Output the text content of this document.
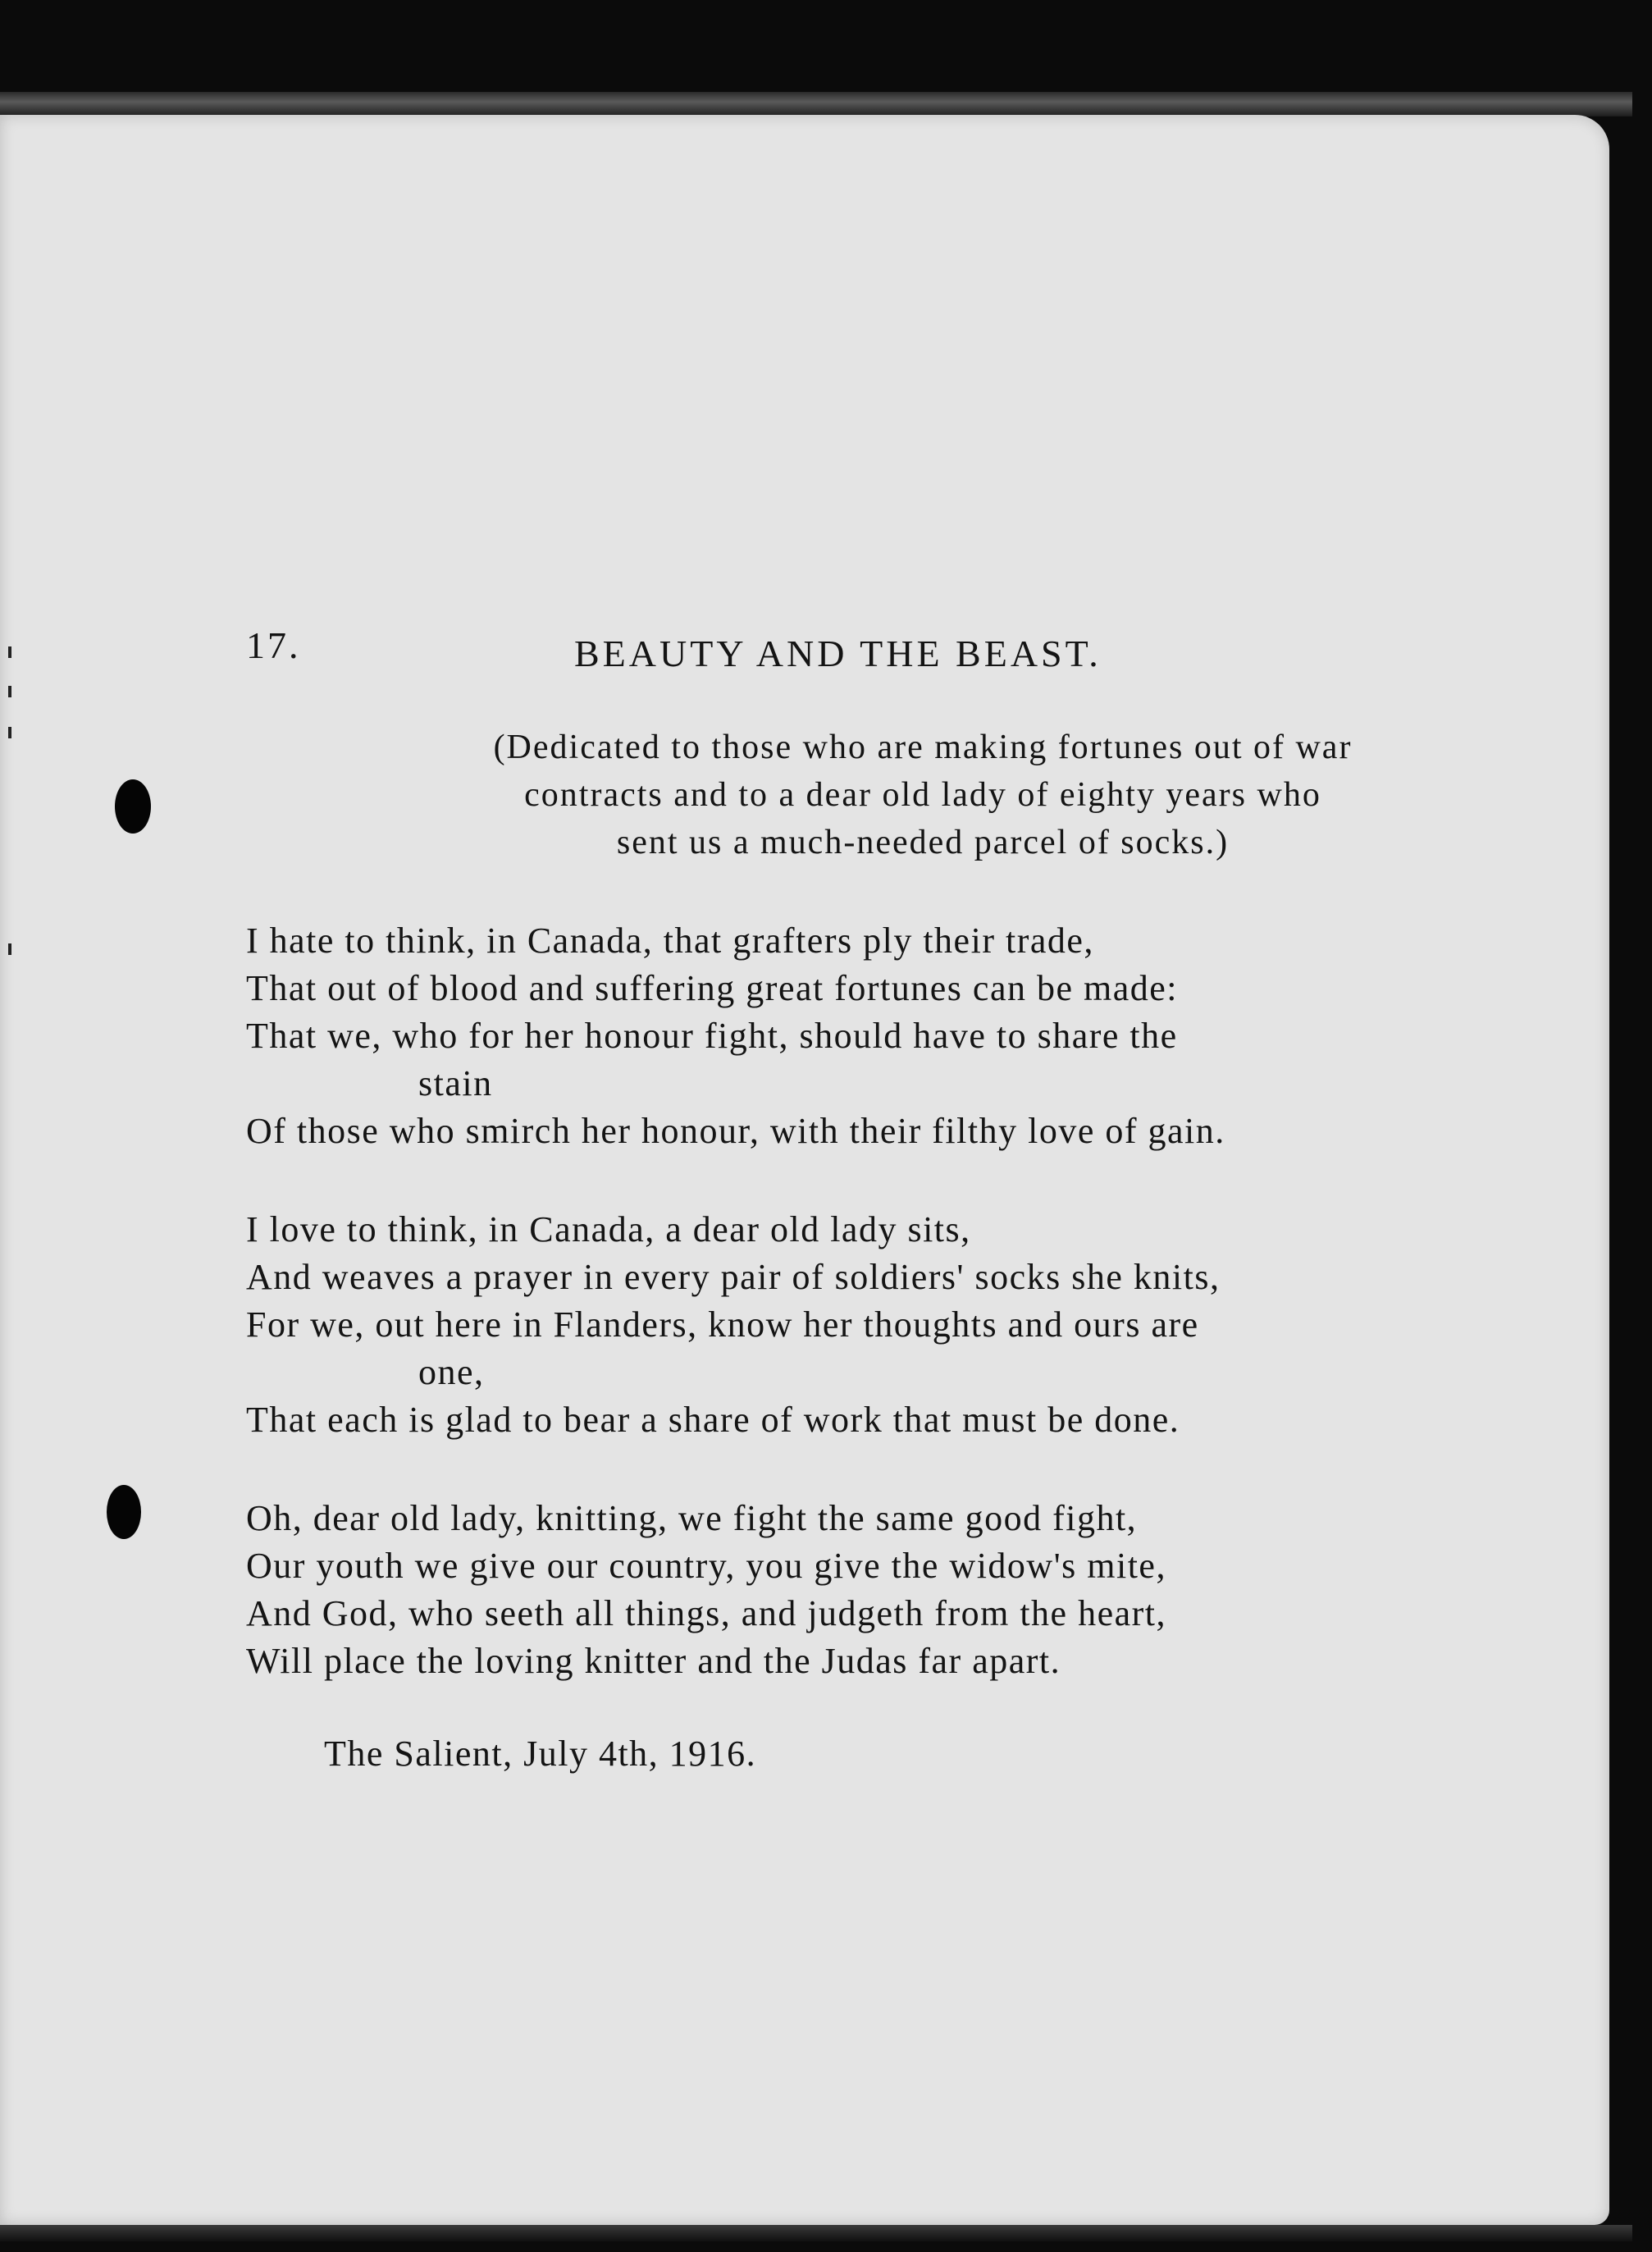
17.	BEAUTY AND THE BEAST.
(Dedicated to those who are making fortunes out of war
contracts and to a dear old lady of eighty years who
sent us a much-needed parcel of socks.)
I hate to think, in Canada, that grafters ply their trade,
That out of blood and suffering great fortunes can be made:
That we, who for her honour fight, should have to share the
stain
Of those who smirch her honour, with their filthy love of gain.
I love to think, in Canada, a dear old lady sits,
And weaves a prayer in every pair of soldiers' socks she knits,
For we, out here in Flanders, know her thoughts and ours are
one,
That each is glad to bear a share of work that must be done.
Oh, dear old lady, knitting, we fight the same good fight,
Our youth we give our country, you give the widow's mite,
And God, who seeth all things, and judgeth from the heart,
Will place the loving knitter and the Judas far apart.
The Salient, July 4th, 1916.
